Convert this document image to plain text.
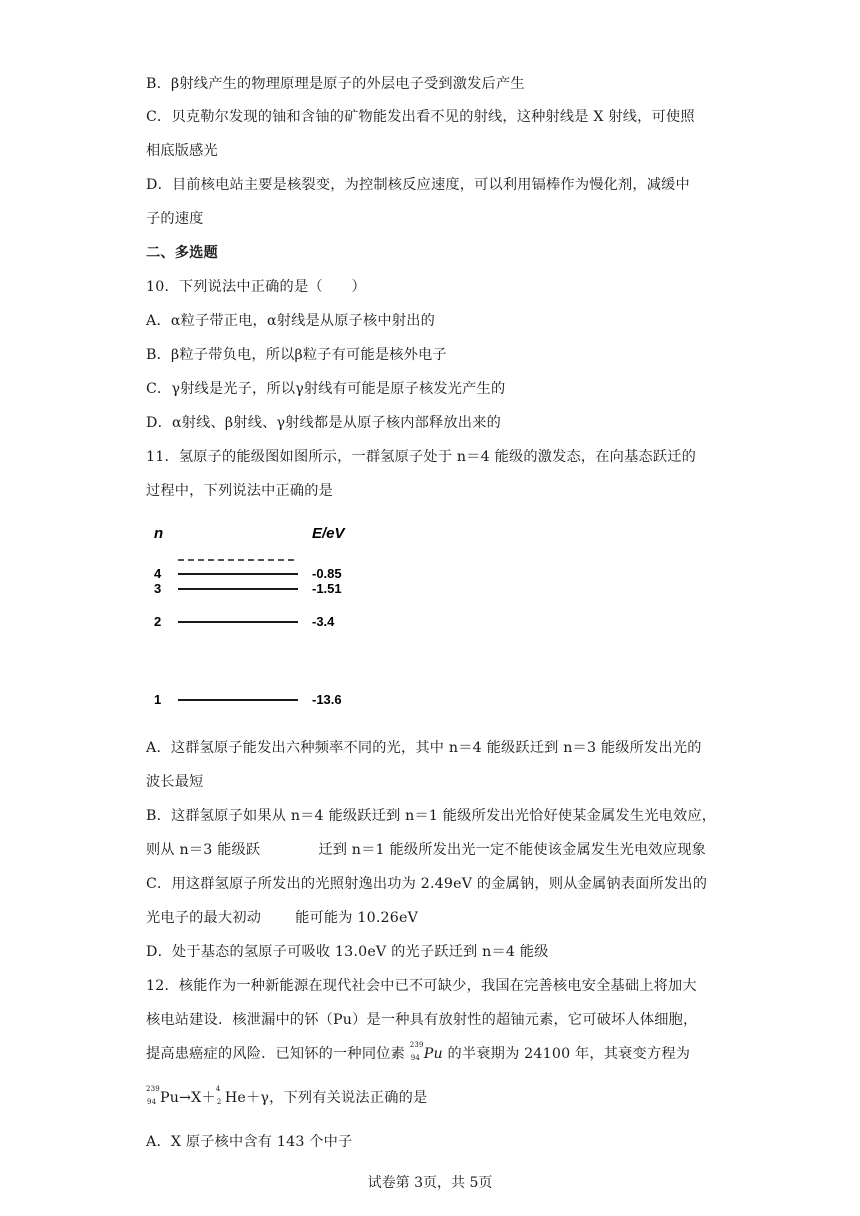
B．β射线产生的物理原理是原子的外层电子受到激发后产生
C．贝克勒尔发现的铀和含铀的矿物能发出看不见的射线，这种射线是 X 射线，可使照
相底版感光
D．目前核电站主要是核裂变，为控制核反应速度，可以利用镉棒作为慢化剂，减缓中
子的速度
二、多选题
10．下列说法中正确的是（　　）
A．α粒子带正电，α射线是从原子核中射出的
B．β粒子带负电，所以β粒子有可能是核外电子
C．γ射线是光子，所以γ射线有可能是原子核发光产生的
D．α射线、β射线、γ射线都是从原子核内部释放出来的
11．氢原子的能级图如图所示，一群氢原子处于 n＝4 能级的激发态，在向基态跃迁的
过程中，下列说法中正确的是
n	E/eV
4	-0.85
3	-1.51
2	-3.4
1	-13.6
A．这群氢原子能发出六种频率不同的光，其中 n＝4 能级跃迁到 n＝3 能级所发出光的
波长最短
B．这群氢原子如果从 n＝4 能级跃迁到 n＝1 能级所发出光恰好使某金属发生光电效应，
则从 n＝3 能级跃	迁到 n＝1 能级所发出光一定不能使该金属发生光电效应现象
C．用这群氢原子所发出的光照射逸出功为 2.49eV 的金属钠，则从金属钠表面所发出的
光电子的最大初动 能可能为 10.26eV
D．处于基态的氢原子可吸收 13.0eV 的光子跃迁到 n＝4 能级
12．核能作为一种新能源在现代社会中已不可缺少，我国在完善核电安全基础上将加大
核电站建设．核泄漏中的钚（Pu）是一种具有放射性的超铀元素，它可破坏人体细胞，
提高患癌症的风险．已知钚的一种同位素
239
94 Pu 的半衰期为 24100 年，其衰变方程为
239
94 Pu→X＋
4
2 He＋γ，下列有关说法正确的是
A．X 原子核中含有 143 个中子
试卷第 3页，共 5页
